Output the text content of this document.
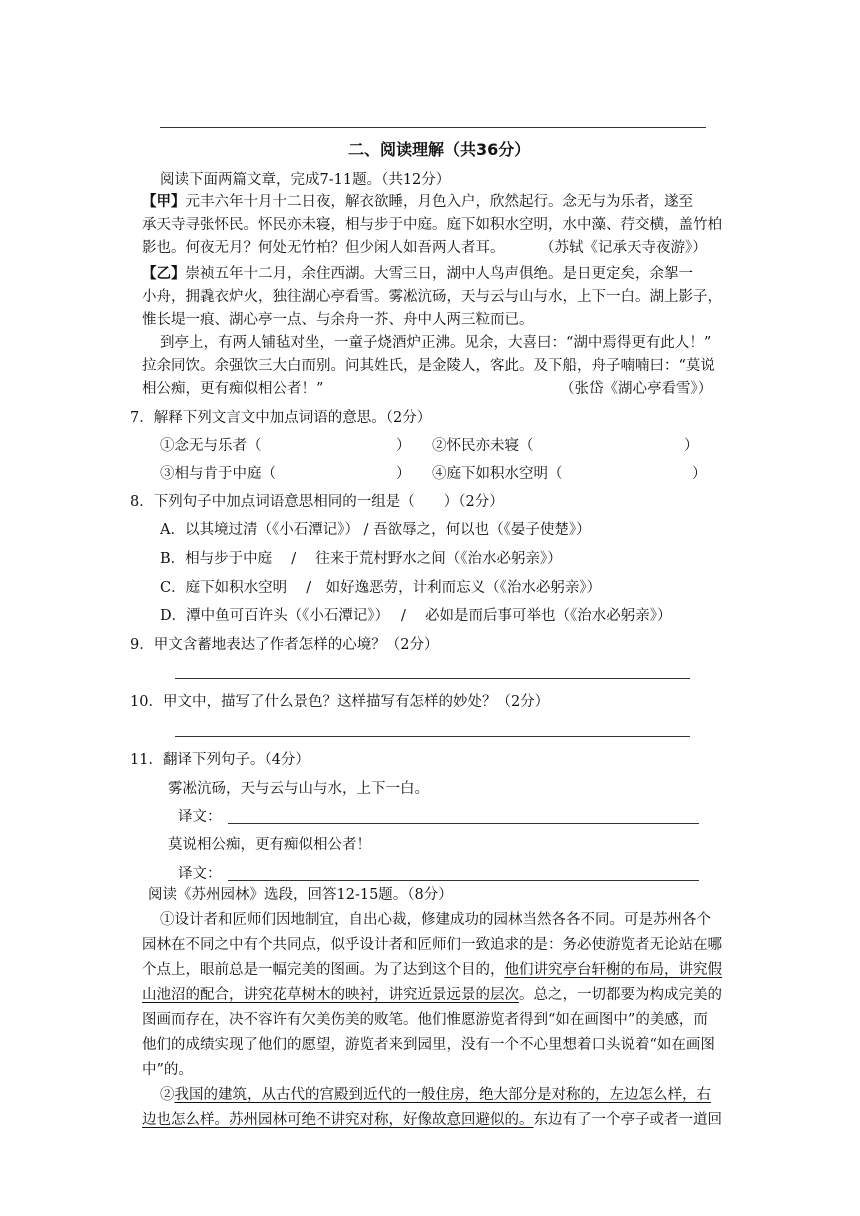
二、阅读理解（共36分）
阅读下面两篇文章，完成7-11题。（共12分）
【甲】元丰六年十月十二日夜，解衣欲睡，月色入户，欣然起行。念无与为乐者，遂至
承天寺寻张怀民。怀民亦未寝，相与步于中庭。庭下如积水空明，水中藻、荇交横，盖竹柏
影也。何夜无月？何处无竹柏？但少闲人如吾两人者耳。 （苏轼《记承天寺夜游》）
【乙】崇祯五年十二月，余住西湖。大雪三日，湖中人鸟声俱绝。是日更定矣，余挐一
小舟，拥毳衣炉火，独往湖心亭看雪。雾凇沆砀，天与云与山与水，上下一白。湖上影子，
惟长堤一痕、湖心亭一点、与余舟一芥、舟中人两三粒而已。
到亭上，有两人铺毡对坐，一童子烧酒炉正沸。见余，大喜曰：“湖中焉得更有此人！”
拉余同饮。余强饮三大白而别。问其姓氏，是金陵人，客此。及下船，舟子喃喃曰：“莫说
相公痴，更有痴似相公者！”	（张岱《湖心亭看雪》）
7．解释下列文言文中加点词语的意思。（2分）
①念无与乐者（	） ②怀民亦未寝（	）
③相与肯于中庭（	） ④庭下如积水空明（	）
8．下列句子中加点词语意思相同的一组是（　　）（2分）
A．以其境过清（《小石潭记》） / 吾欲辱之，何以也（《晏子使楚》）
B．相与步于中庭　 /　 往来于荒村野水之间（《治水必躬亲》）
C．庭下如积水空明　 /　如好逸恶劳，计利而忘义（《治水必躬亲》）
D．潭中鱼可百许头（《小石潭记》）　 /　 必如是而后事可举也（《治水必躬亲》）
9．甲文含蓄地表达了作者怎样的心境？（2分）
10．甲文中，描写了什么景色？这样描写有怎样的妙处？（2分）
11．翻译下列句子。（4分）
雾凇沆砀，天与云与山与水，上下一白。
译文：
莫说相公痴，更有痴似相公者！
译文：
阅读《苏州园林》选段，回答12-15题。（8分）
①设计者和匠师们因地制宜，自出心裁，修建成功的园林当然各各不同。可是苏州各个
园林在不同之中有个共同点，似乎设计者和匠师们一致追求的是：务必使游览者无论站在哪
个点上，眼前总是一幅完美的图画。为了达到这个目的，他们讲究亭台轩榭的布局，讲究假
山池沼的配合，讲究花草树木的映衬，讲究近景远景的层次。总之，一切都要为构成完美的
图画而存在，决不容许有欠美伤美的败笔。他们惟愿游览者得到“如在画图中”的美感，而
他们的成绩实现了他们的愿望，游览者来到园里，没有一个不心里想着口头说着“如在画图
中”的。
②我国的建筑，从古代的宫殿到近代的一般住房，绝大部分是对称的，左边怎么样，右
边也怎么样。苏州园林可绝不讲究对称，好像故意回避似的。东边有了一个亭子或者一道回
